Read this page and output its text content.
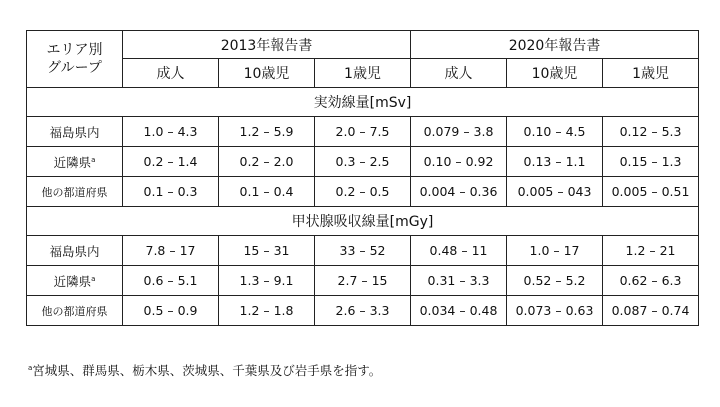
エリア別
グループ	2013年報告書			2020年報告書		
	成人	10歳児	1歳児	成人	10歳児	1歳児
実効線量[mSv]						
福島県内	1.0 – 4.3	1.2 – 5.9	2.0 – 7.5	0.079 – 3.8	0.10 – 4.5	0.12 – 5.3
近隣県$^a$	0.2 – 1.4	0.2 – 2.0	0.3 – 2.5	0.10 – 0.92	0.13 – 1.1	0.15 – 1.3
他の都道府県	0.1 – 0.3	0.1 – 0.4	0.2 – 0.5	0.004 – 0.36	0.005 – 043	0.005 – 0.51
甲状腺吸収線量[mGy]						
福島県内	7.8 – 17	15 – 31	33 – 52	0.48 – 11	1.0 – 17	1.2 – 21
近隣県$^a$	0.6 – 5.1	1.3 – 9.1	2.7 – 15	0.31 – 3.3	0.52 – 5.2	0.62 – 6.3
他の都道府県	0.5 – 0.9	1.2 – 1.8	2.6 – 3.3	0.034 – 0.48	0.073 – 0.63	0.087 – 0.74
$^a$宮城県、群馬県、栃木県、茨城県、千葉県及び岩手県を指す。
